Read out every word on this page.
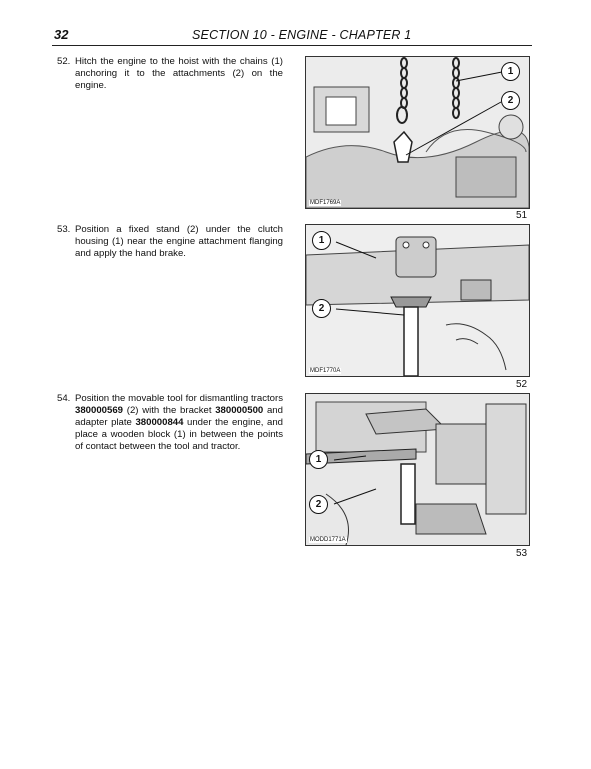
32	SECTION 10 - ENGINE - CHAPTER 1
52. Hitch the engine to the hoist with the chains (1) anchoring it to the attachments (2) on the engine.
1
2
MDF1769A
51
53. Position a fixed stand (2) under the clutch housing (1) near the engine attachment flanging and apply the hand brake.
1
2
MDF1770A
52
54. Position the movable tool for dismantling tractors 380000569 (2) with the bracket 380000500 and adapter plate 380000844 under the engine, and place a wooden block (1) in between the points of contact between the tool and tractor.
1
2
MODD1771A
53
